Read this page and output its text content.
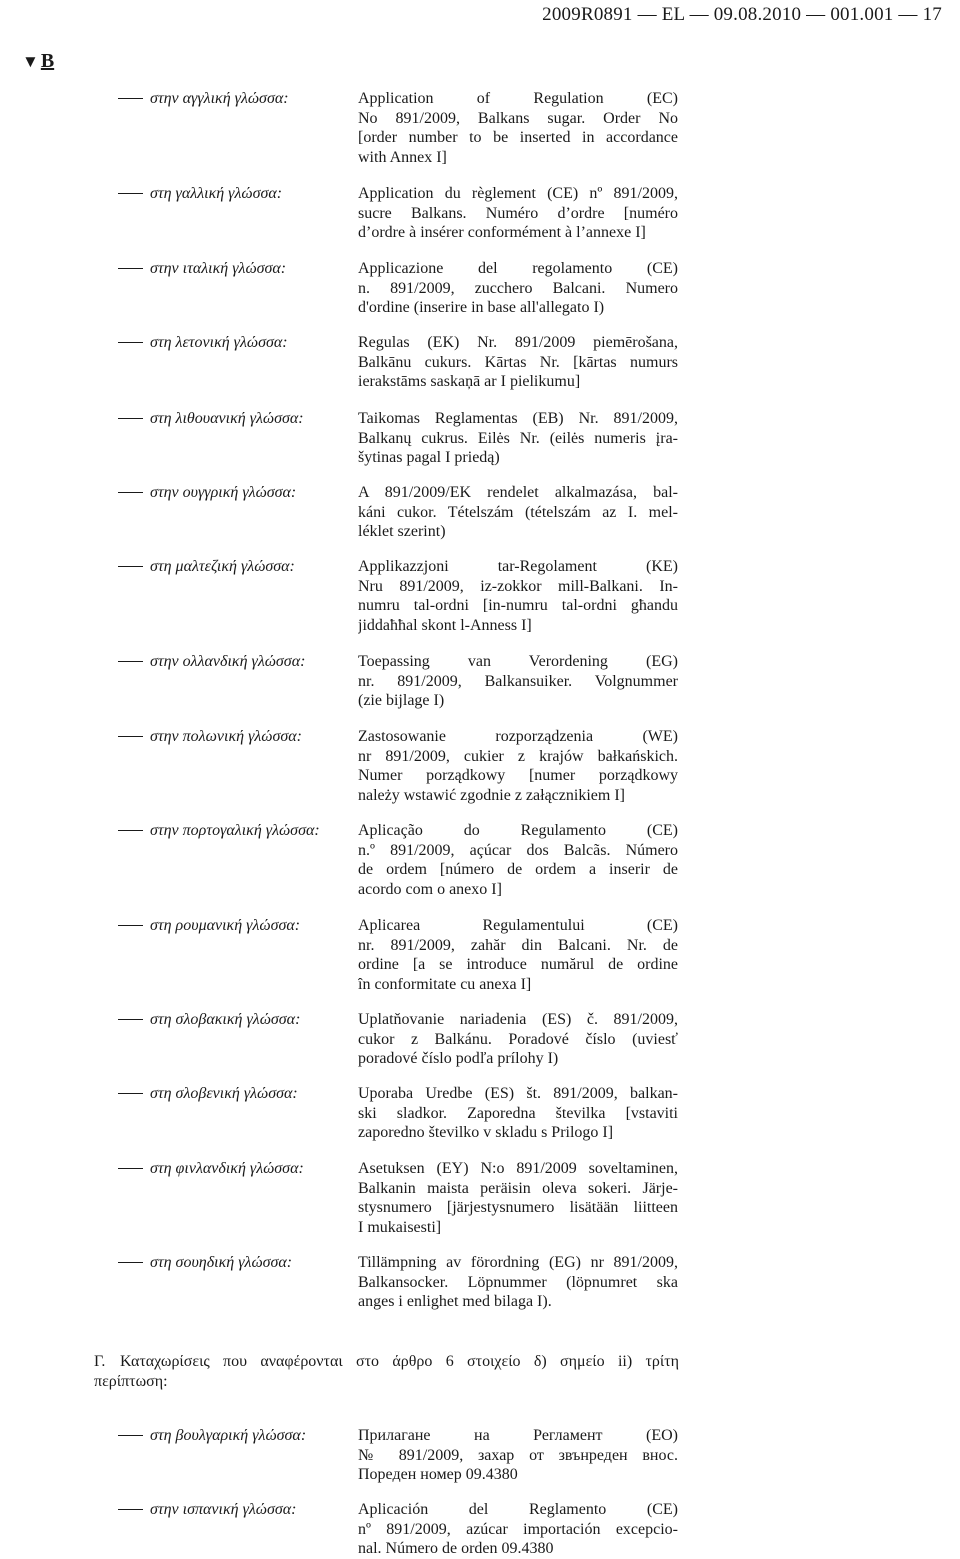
2009R0891 — EL — 09.08.2010 — 001.001 — 17
▼ B
στην αγγλική γλώσσα:	Application of Regulation (EC)
No 891/2009, Balkans sugar. Order No
[order number to be inserted in accordance
with Annex I]
στη γαλλική γλώσσα:	Application du règlement (CE) nº 891/2009,
sucre Balkans. Numéro d’ordre [numéro
d’ordre à insérer conformément à l’annexe I]
στην ιταλική γλώσσα:	Applicazione del regolamento (CE)
n. 891/2009, zucchero Balcani. Numero
d'ordine (inserire in base all'allegato I)
στη λετονική γλώσσα:	Regulas (EK) Nr. 891/2009 piemērošana,
Balkānu cukurs. Kārtas Nr. [kārtas numurs
ierakstāms saskaņā ar I pielikumu]
στη λιθουανική γλώσσα:	Taikomas Reglamentas (EB) Nr. 891/2009,
Balkanų cukrus. Eilės Nr. (eilės numeris įra-
šytinas pagal I priedą)
στην ουγγρική γλώσσα:	A 891/2009/EK rendelet alkalmazása, bal-
káni cukor. Tételszám (tételszám az I. mel-
léklet szerint)
στη μαλτεζική γλώσσα:	Applikazzjoni tar-Regolament (KE)
Nru 891/2009, iz-zokkor mill-Balkani. In-
numru tal-ordni [in-numru tal-ordni għandu
jiddaħħal skont l-Anness I]
στην ολλανδική γλώσσα:	Toepassing van Verordening (EG)
nr. 891/2009, Balkansuiker. Volgnummer
(zie bijlage I)
στην πολωνική γλώσσα:	Zastosowanie rozporządzenia (WE)
nr 891/2009, cukier z krajów bałkańskich.
Numer porządkowy [numer porządkowy
należy wstawić zgodnie z załącznikiem I]
στην πορτογαλική γλώσσα: Aplicação do Regulamento (CE)
n.º 891/2009, açúcar dos Balcãs. Número
de ordem [número de ordem a inserir de
acordo com o anexo I]
στη ρουμανική γλώσσα:	Aplicarea Regulamentului (CE)
nr. 891/2009, zahăr din Balcani. Nr. de
ordine [a se introduce numărul de ordine
în conformitate cu anexa I]
στη σλοβακική γλώσσα:	Uplatňovanie nariadenia (ES) č. 891/2009,
cukor z Balkánu. Poradové číslo (uviesť
poradové číslo podľa prílohy I)
στη σλοβενική γλώσσα:	Uporaba Uredbe (ES) št. 891/2009, balkan-
ski sladkor. Zaporedna številka [vstaviti
zaporedno številko v skladu s Prilogo I]
στη φινλανδική γλώσσα:	Asetuksen (EY) N:o 891/2009 soveltaminen,
Balkanin maista peräisin oleva sokeri. Järje-
stysnumero [järjestysnumero lisätään liitteen
I mukaisesti]
στη σουηδική γλώσσα:	Tillämpning av förordning (EG) nr 891/2009,
Balkansocker. Löpnummer (löpnumret ska
anges i enlighet med bilaga I).
Γ. Καταχωρίσεις που αναφέρονται στο άρθρο 6 στοιχείο δ) σημείο ii) τρίτη
περίπτωση:
στη βουλγαρική γλώσσα:	Прилагане на Регламент (ЕО)
№ 891/2009, захар от звънреден внос.
Пореден номер 09.4380
στην ισπανική γλώσσα:	Aplicación del Reglamento (CE)
nº 891/2009, azúcar importación excepcio-
nal. Número de orden 09.4380
